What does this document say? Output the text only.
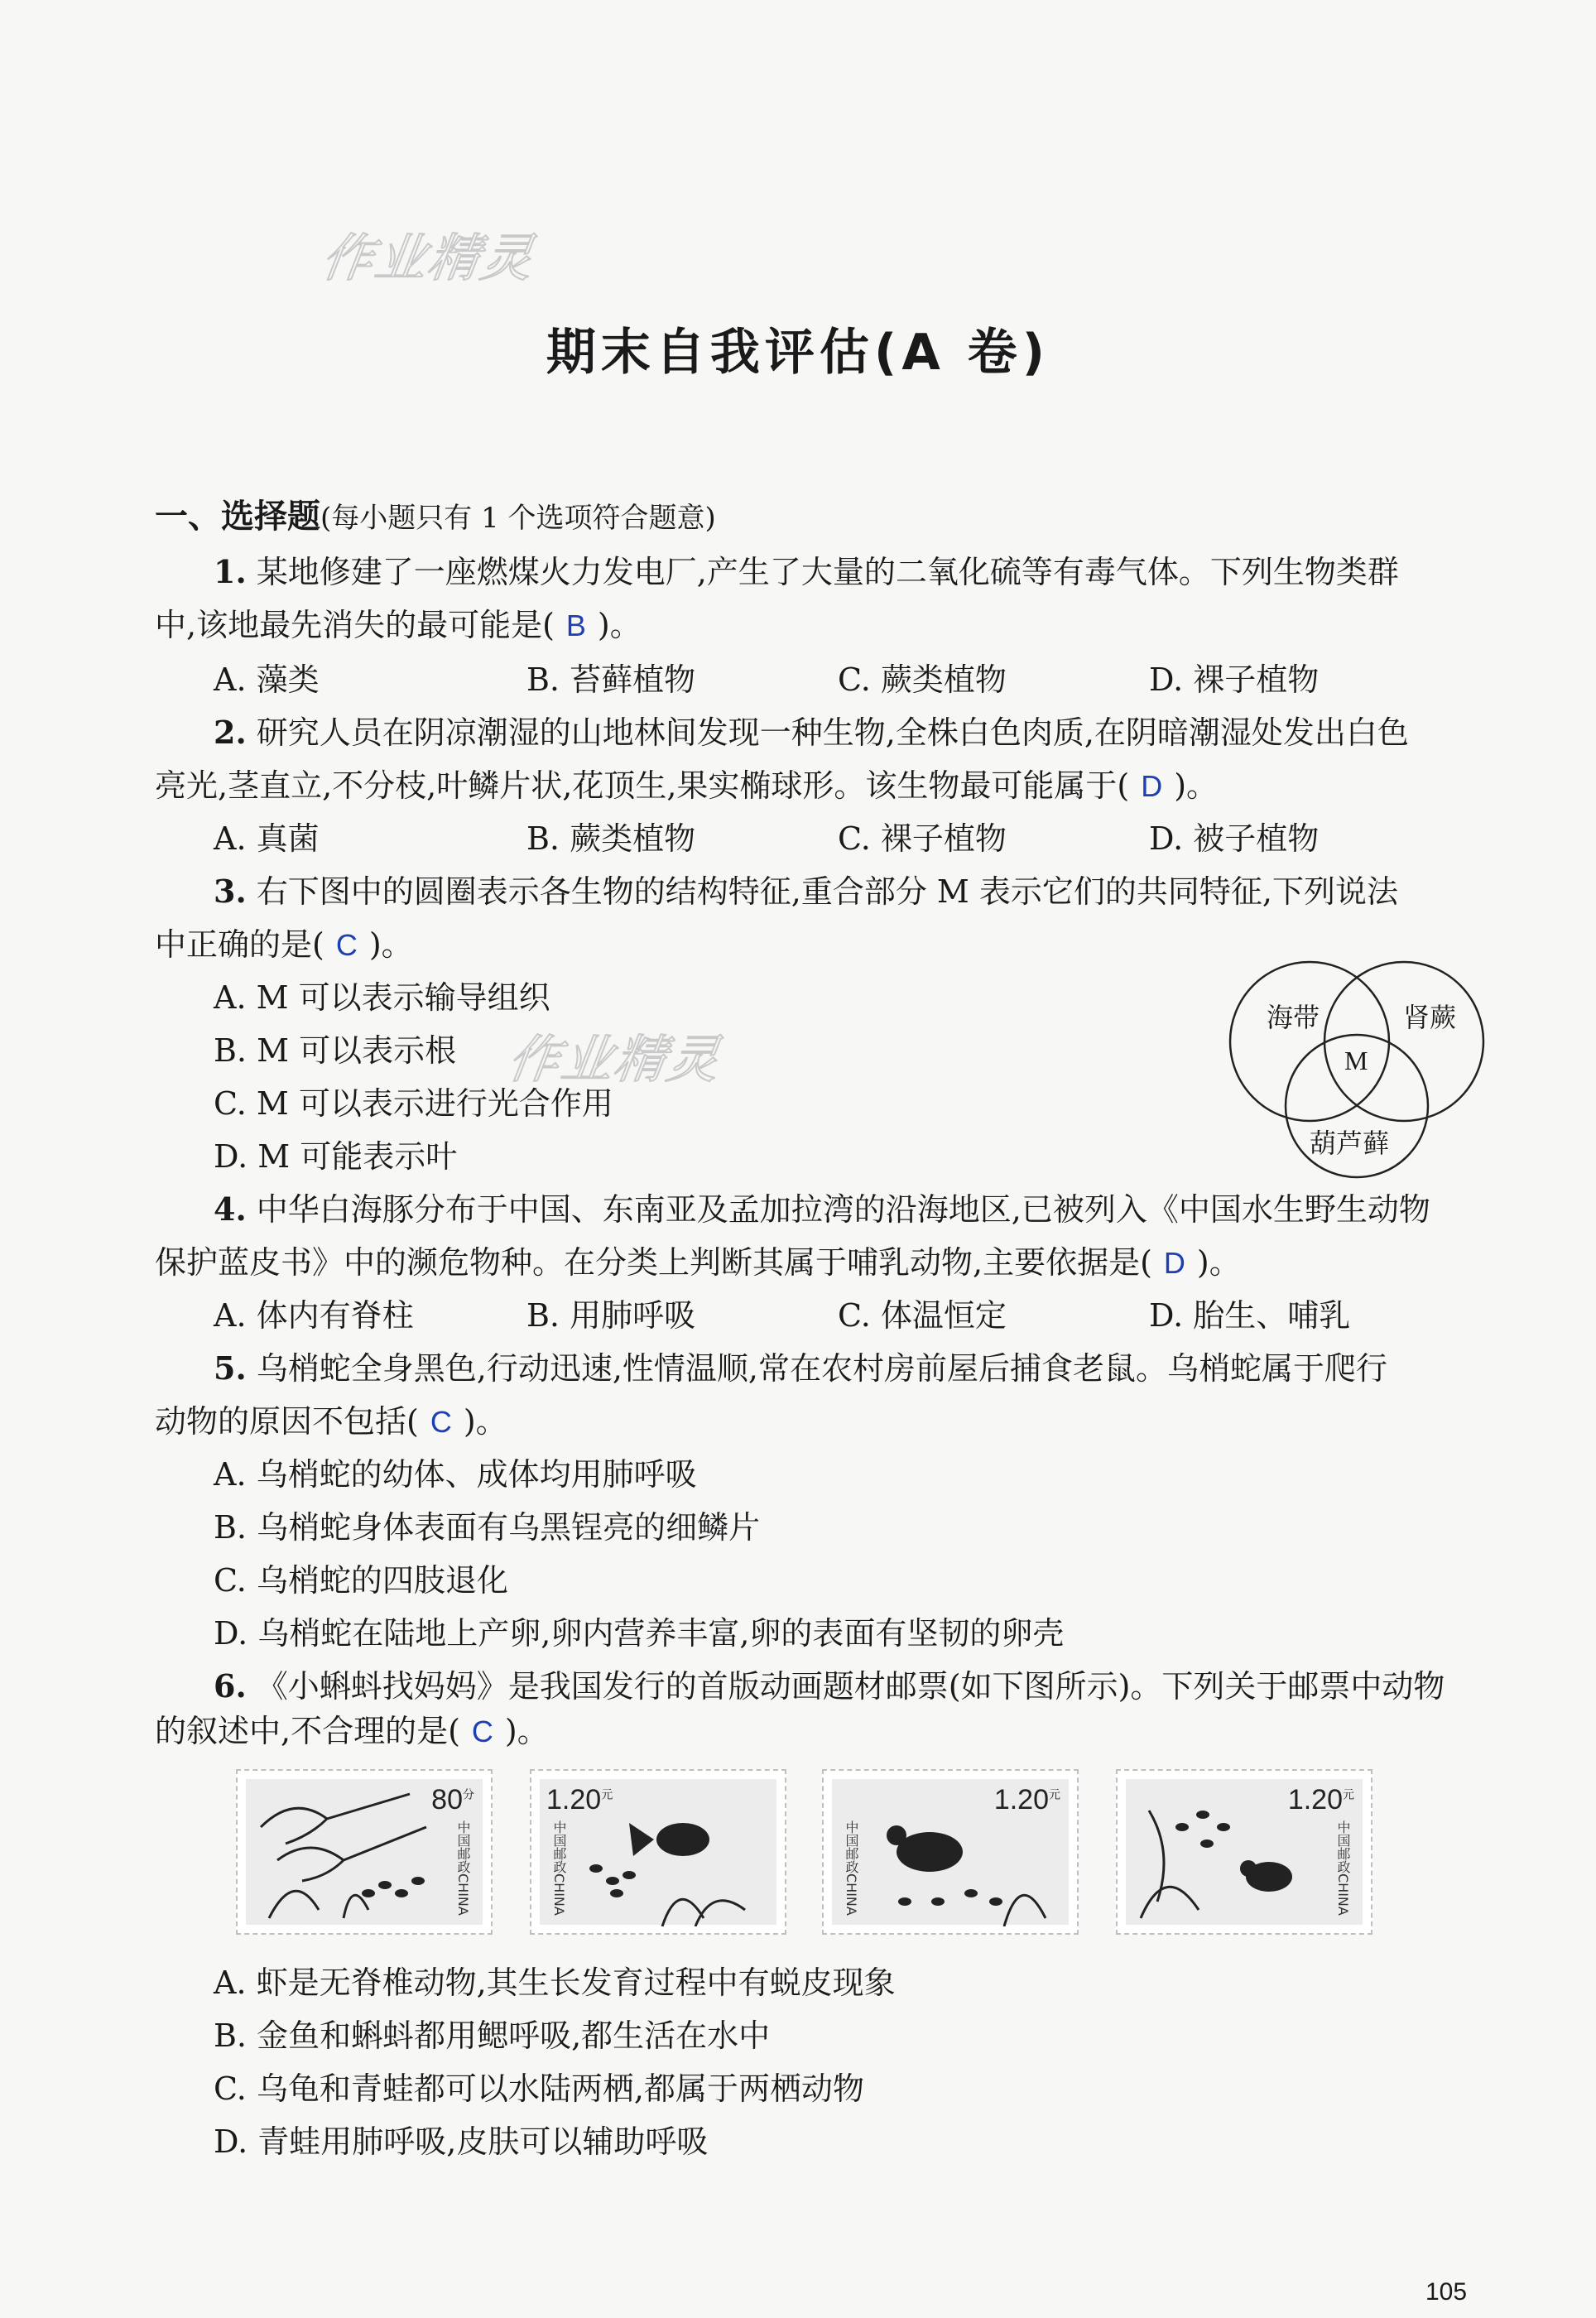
作业精灵
作业精灵
期末自我评估(A 卷)
一、选择题(每小题只有 1 个选项符合题意)
1. 某地修建了一座燃煤火力发电厂,产生了大量的二氧化硫等有毒气体。下列生物类群
中,该地最先消失的最可能是( B )。
A. 藻类	B. 苔藓植物	C. 蕨类植物	D. 裸子植物
2. 研究人员在阴凉潮湿的山地林间发现一种生物,全株白色肉质,在阴暗潮湿处发出白色
亮光,茎直立,不分枝,叶鳞片状,花顶生,果实椭球形。该生物最可能属于( D )。
A. 真菌	B. 蕨类植物	C. 裸子植物	D. 被子植物
3. 右下图中的圆圈表示各生物的结构特征,重合部分 M 表示它们的共同特征,下列说法
中正确的是( C )。
A. M 可以表示输导组织
B. M 可以表示根
C. M 可以表示进行光合作用
D. M 可能表示叶
海带	肾蕨
葫芦藓
M
4. 中华白海豚分布于中国、东南亚及孟加拉湾的沿海地区,已被列入《中国水生野生动物
保护蓝皮书》中的濒危物种。在分类上判断其属于哺乳动物,主要依据是( D )。
A. 体内有脊柱	B. 用肺呼吸	C. 体温恒定	D. 胎生、哺乳
5. 乌梢蛇全身黑色,行动迅速,性情温顺,常在农村房前屋后捕食老鼠。乌梢蛇属于爬行
动物的原因不包括( C )。
A. 乌梢蛇的幼体、成体均用肺呼吸
B. 乌梢蛇身体表面有乌黑锃亮的细鳞片
C. 乌梢蛇的四肢退化
D. 乌梢蛇在陆地上产卵,卵内营养丰富,卵的表面有坚韧的卵壳
6. 《小蝌蚪找妈妈》是我国发行的首版动画题材邮票(如下图所示)。下列关于邮票中动物
的叙述中,不合理的是( C )。
$80^分$
中国邮政CHINA
$1.20^元$
中国邮政CHINA
$1.20^元$
中国邮政CHINA
$1.20^元$
中国邮政CHINA
A. 虾是无脊椎动物,其生长发育过程中有蜕皮现象
B. 金鱼和蝌蚪都用鳃呼吸,都生活在水中
C. 乌龟和青蛙都可以水陆两栖,都属于两栖动物
D. 青蛙用肺呼吸,皮肤可以辅助呼吸
105
